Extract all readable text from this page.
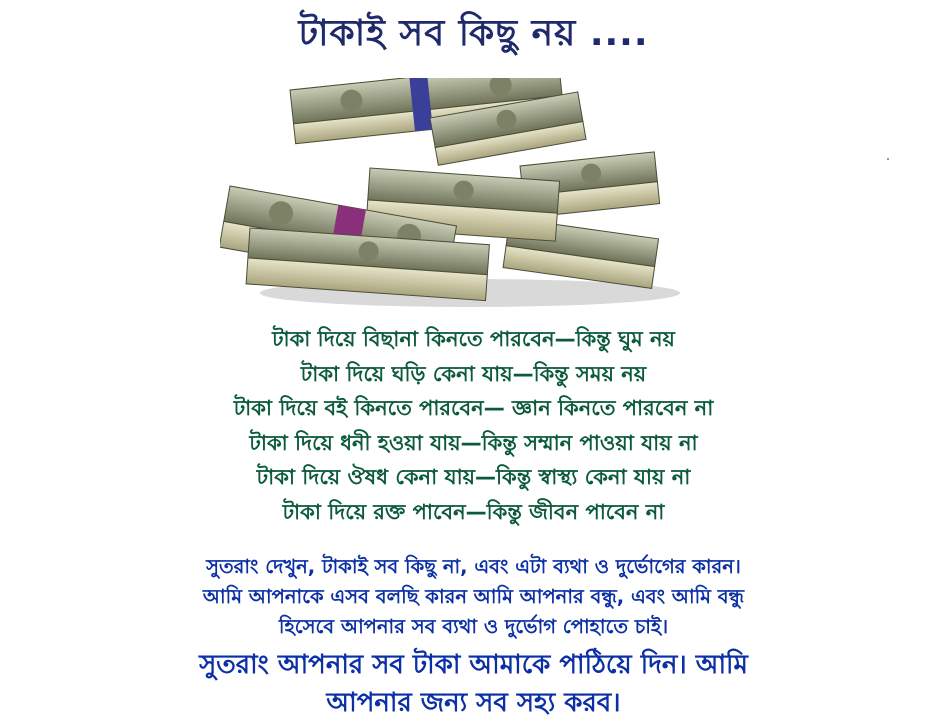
টাকাই সব কিছু নয় ....
টাকা দিয়ে বিছানা কিনতে পারবেন—কিন্তু ঘুম নয়
টাকা দিয়ে ঘড়ি কেনা যায়—কিন্তু সময় নয়
টাকা দিয়ে বই কিনতে পারবেন— জ্ঞান কিনতে পারবেন না
টাকা দিয়ে ধনী হওয়া যায়—কিন্তু সম্মান পাওয়া যায় না
টাকা দিয়ে ঔষধ কেনা যায়—কিন্তু স্বাস্থ্য কেনা যায় না
টাকা দিয়ে রক্ত পাবেন—কিন্তু জীবন পাবেন না
সুতরাং দেখুন, টাকাই সব কিছু না, এবং এটা ব্যথা ও দুর্ভোগের কারন।
আমি আপনাকে এসব বলছি কারন আমি আপনার বন্ধু, এবং আমি বন্ধু
হিসেবে আপনার সব ব্যথা ও দুর্ভোগ পোহাতে চাই।
সুতরাং আপনার সব টাকা আমাকে পাঠিয়ে দিন। আমি
আপনার জন্য সব সহ্য করব।
